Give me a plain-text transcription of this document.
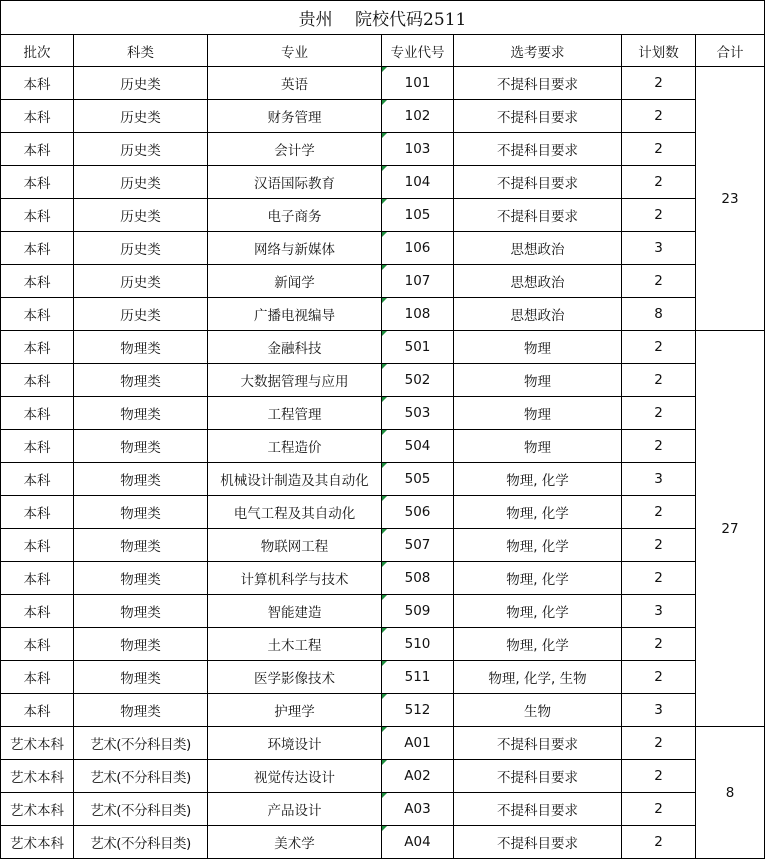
贵州　 院校代码2511						
批次	科类	专业	专业代号	选考要求	计划数	合计
本科	历史类	英语	101	不提科目要求	2	23
本科	历史类	财务管理	102	不提科目要求	2	
本科	历史类	会计学	103	不提科目要求	2	
本科	历史类	汉语国际教育	104	不提科目要求	2	
本科	历史类	电子商务	105	不提科目要求	2	
本科	历史类	网络与新媒体	106	思想政治	3	
本科	历史类	新闻学	107	思想政治	2	
本科	历史类	广播电视编导	108	思想政治	8	
本科	物理类	金融科技	501	物理	2	27
本科	物理类	大数据管理与应用	502	物理	2	
本科	物理类	工程管理	503	物理	2	
本科	物理类	工程造价	504	物理	2	
本科	物理类	机械设计制造及其自动化	505	物理, 化学	3	
本科	物理类	电气工程及其自动化	506	物理, 化学	2	
本科	物理类	物联网工程	507	物理, 化学	2	
本科	物理类	计算机科学与技术	508	物理, 化学	2	
本科	物理类	智能建造	509	物理, 化学	3	
本科	物理类	土木工程	510	物理, 化学	2	
本科	物理类	医学影像技术	511	物理, 化学, 生物	2	
本科	物理类	护理学	512	生物	3	
艺术本科	艺术(不分科目类)	环境设计	A01	不提科目要求	2	8
艺术本科	艺术(不分科目类)	视觉传达设计	A02	不提科目要求	2	
艺术本科	艺术(不分科目类)	产品设计	A03	不提科目要求	2	
艺术本科	艺术(不分科目类)	美术学	A04	不提科目要求	2	
